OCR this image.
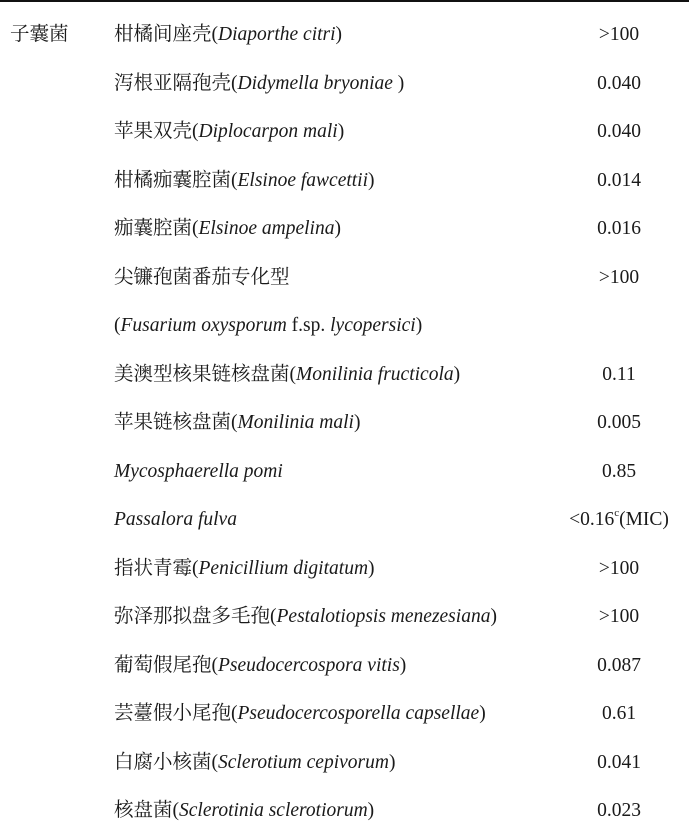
子囊菌 柑橘间座壳(Diaporthe citri)	>100
泻根亚隔孢壳(Didymella bryoniae )	0.040
苹果双壳(Diplocarpon mali)	0.040
柑橘痂囊腔菌(Elsinoe fawcettii)	0.014
痂囊腔菌(Elsinoe ampelina)	0.016
尖镰孢菌番茄专化型	>100
(Fusarium oxysporum f.sp. lycopersici)
美澳型核果链核盘菌(Monilinia fructicola)	0.11
苹果链核盘菌(Monilinia mali)	0.005
Mycosphaerella pomi	0.85
Passalora fulva	<0.16$^c$(MIC)
指状青霉(Penicillium digitatum)	>100
弥泽那拟盘多毛孢(Pestalotiopsis menezesiana)	>100
葡萄假尾孢(Pseudocercospora vitis)	0.087
芸薹假小尾孢(Pseudocercosporella capsellae)	0.61
白腐小核菌(Sclerotium cepivorum)	0.041
核盘菌(Sclerotinia sclerotiorum)	0.023
